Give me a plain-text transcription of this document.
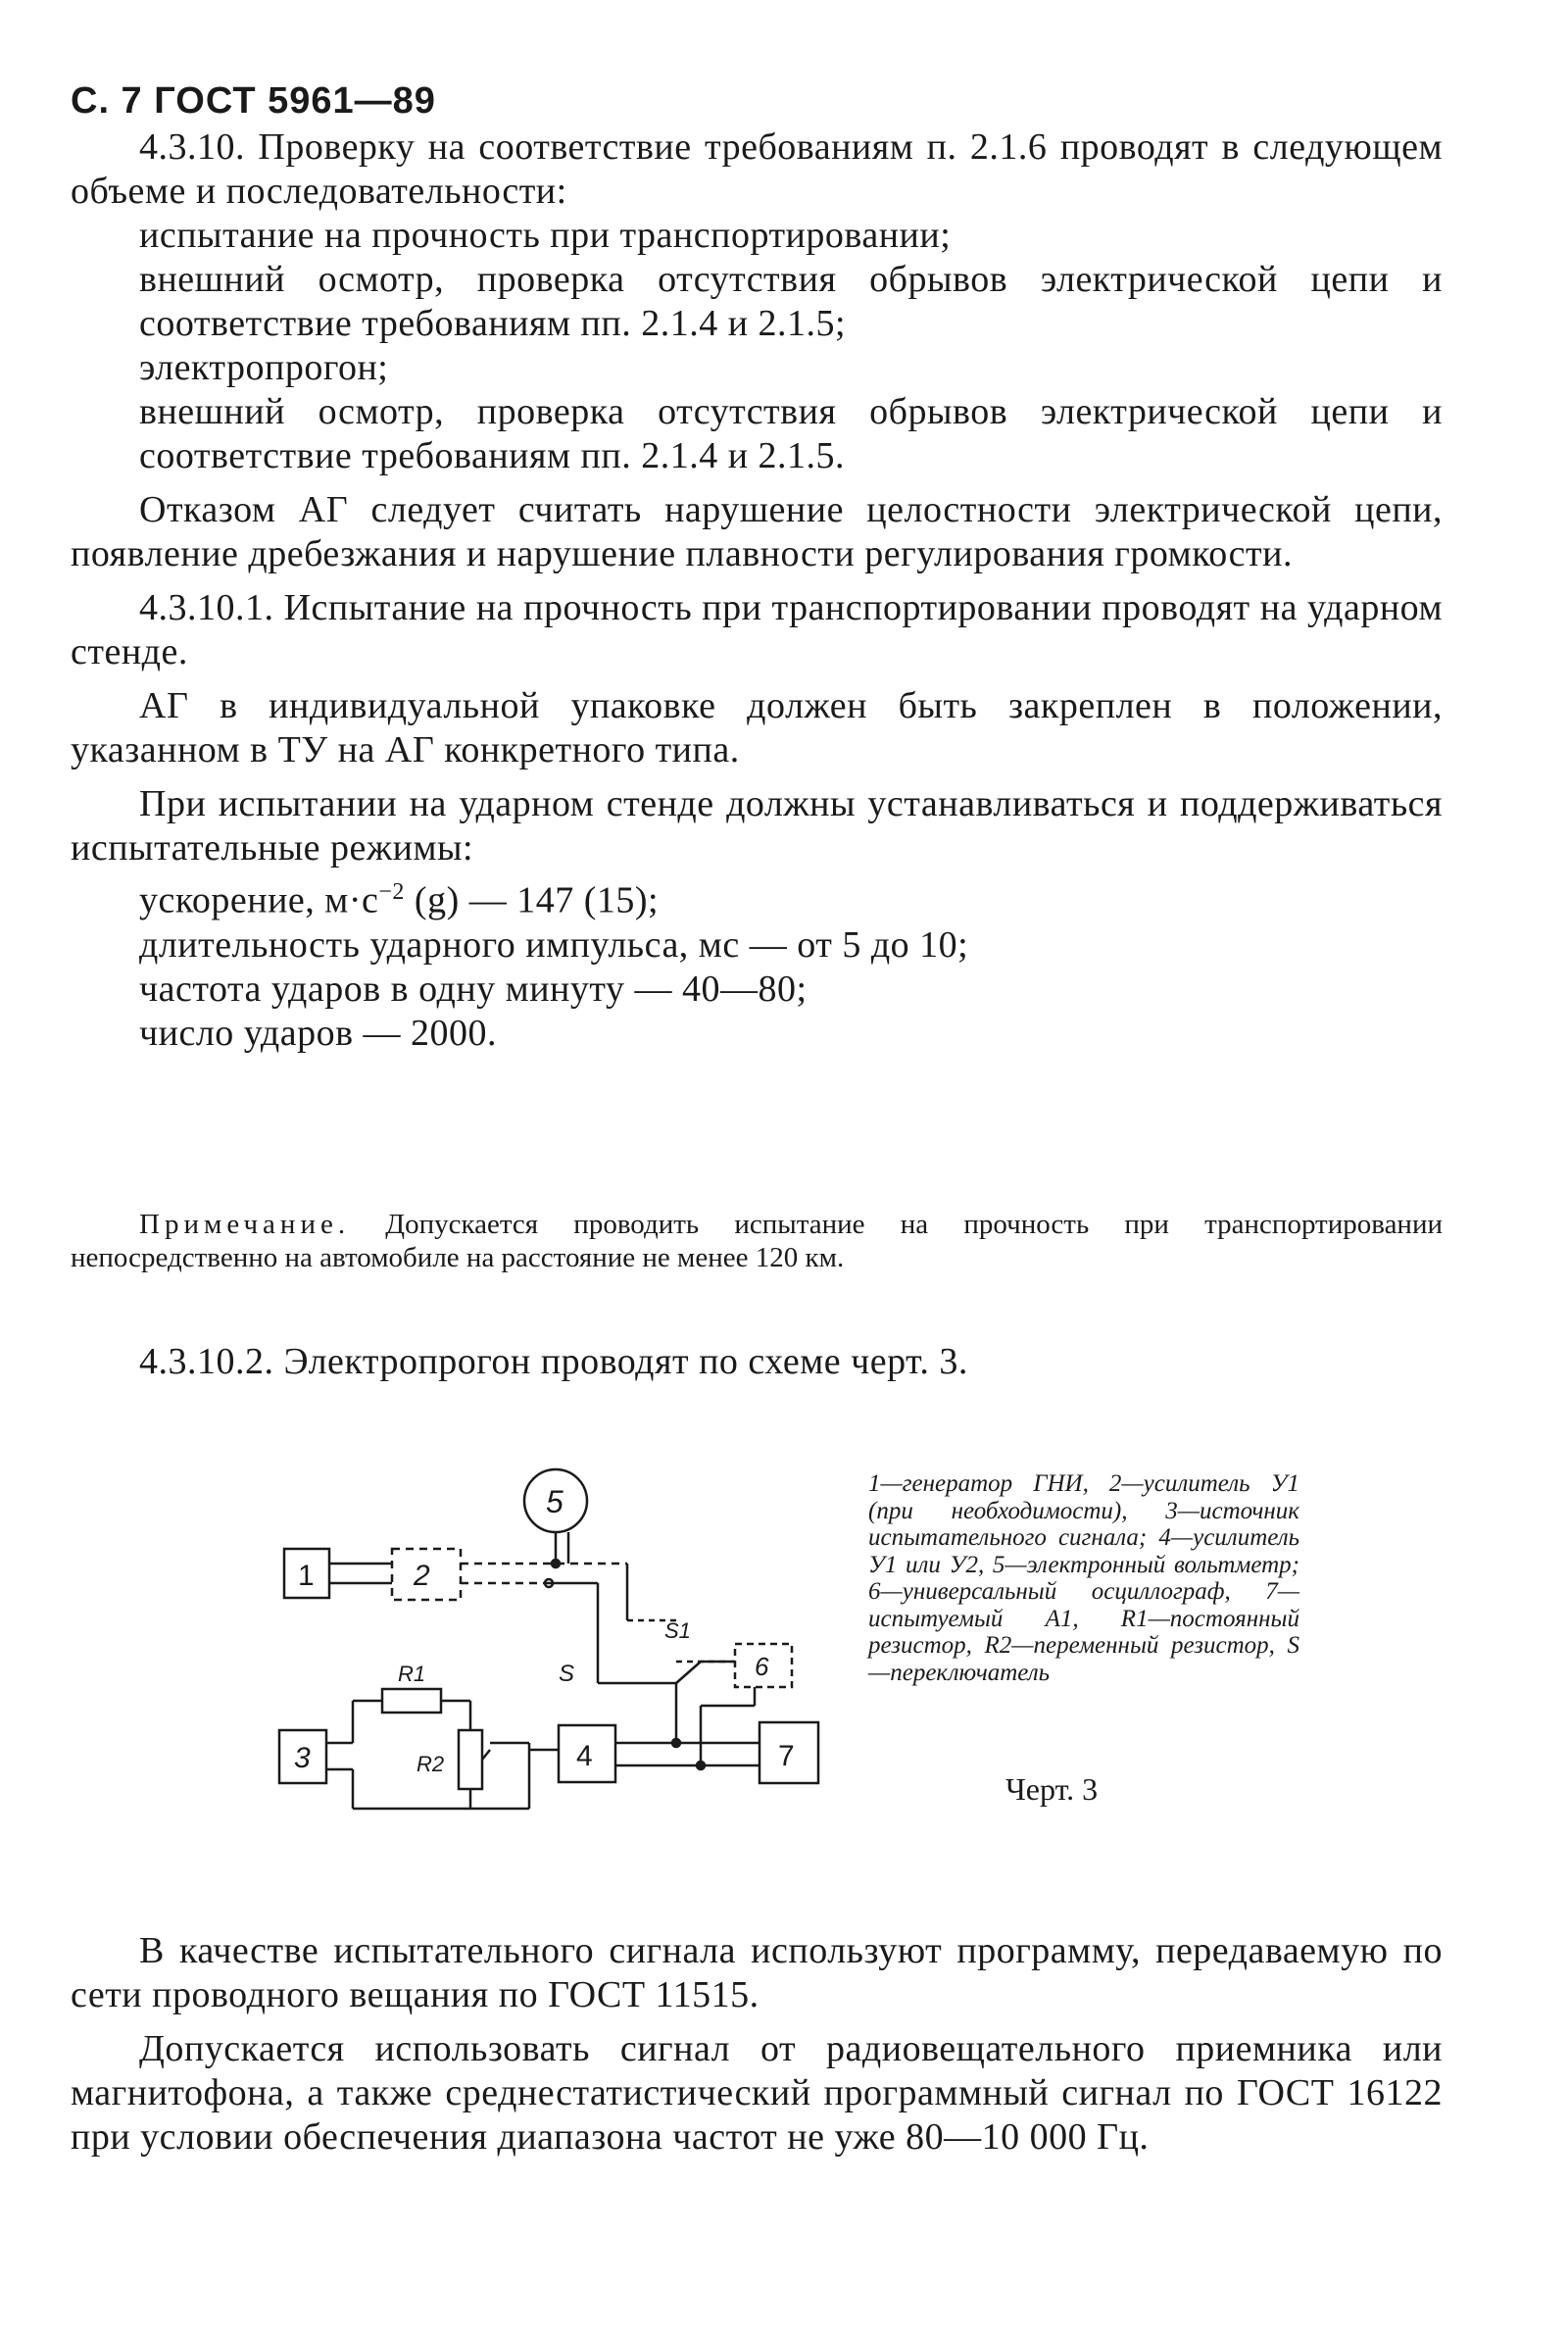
С. 7 ГОСТ 5961—89

4.3.10. Проверку на соответствие требованиям п. 2.1.6 проводят в следующем объеме и последовательности:

испытание на прочность при транспортировании;

внешний осмотр, проверка отсутствия обрывов электрической цепи и соответствие требованиям пп. 2.1.4 и 2.1.5;

электропрогон;

внешний осмотр, проверка отсутствия обрывов электрической цепи и соответствие требованиям пп. 2.1.4 и 2.1.5.

Отказом АГ следует считать нарушение целостности электрической цепи, появление дребезжания и нарушение плавности регулирования громкости.

4.3.10.1. Испытание на прочность при транспортировании проводят на ударном стенде.

АГ в индивидуальной упаковке должен быть закреплен в положении, указанном в ТУ на АГ конкретного типа.

При испытании на ударном стенде должны устанавливаться и поддерживаться испытательные режимы:

ускорение, $м\cdot с^{-2}$ (g) — 147 (15);

длительность ударного импульса, мс — от 5 до 10;

частота ударов в одну минуту — 40—80;

число ударов — 2000.

Примечание. Допускается проводить испытание на прочность при транспортировании непосредственно на автомобиле на расстояние не менее 120 км.
4.3.10.2. Электропрогон проводят по схеме черт. 3.
1	2
5
S1
S	6
3
R1
R2	4	7
1—генератор ГНИ, 2—усилитель У1 (при необходимости), 3—источник испытательного сигнала; 4—усилитель У1 или У2, 5—электронный вольтметр; 6—универсальный осциллограф, 7—испытуемый А1, R1—постоянный резистор, R2—переменный резистор, S—переключатель
Черт. 3

В качестве испытательного сигнала используют программу, передаваемую по сети проводного вещания по ГОСТ 11515.

Допускается использовать сигнал от радиовещательного приемника или магнитофона, а также среднестатистический программный сигнал по ГОСТ 16122 при условии обеспечения диапазона частот не уже 80—10 000 Гц.
